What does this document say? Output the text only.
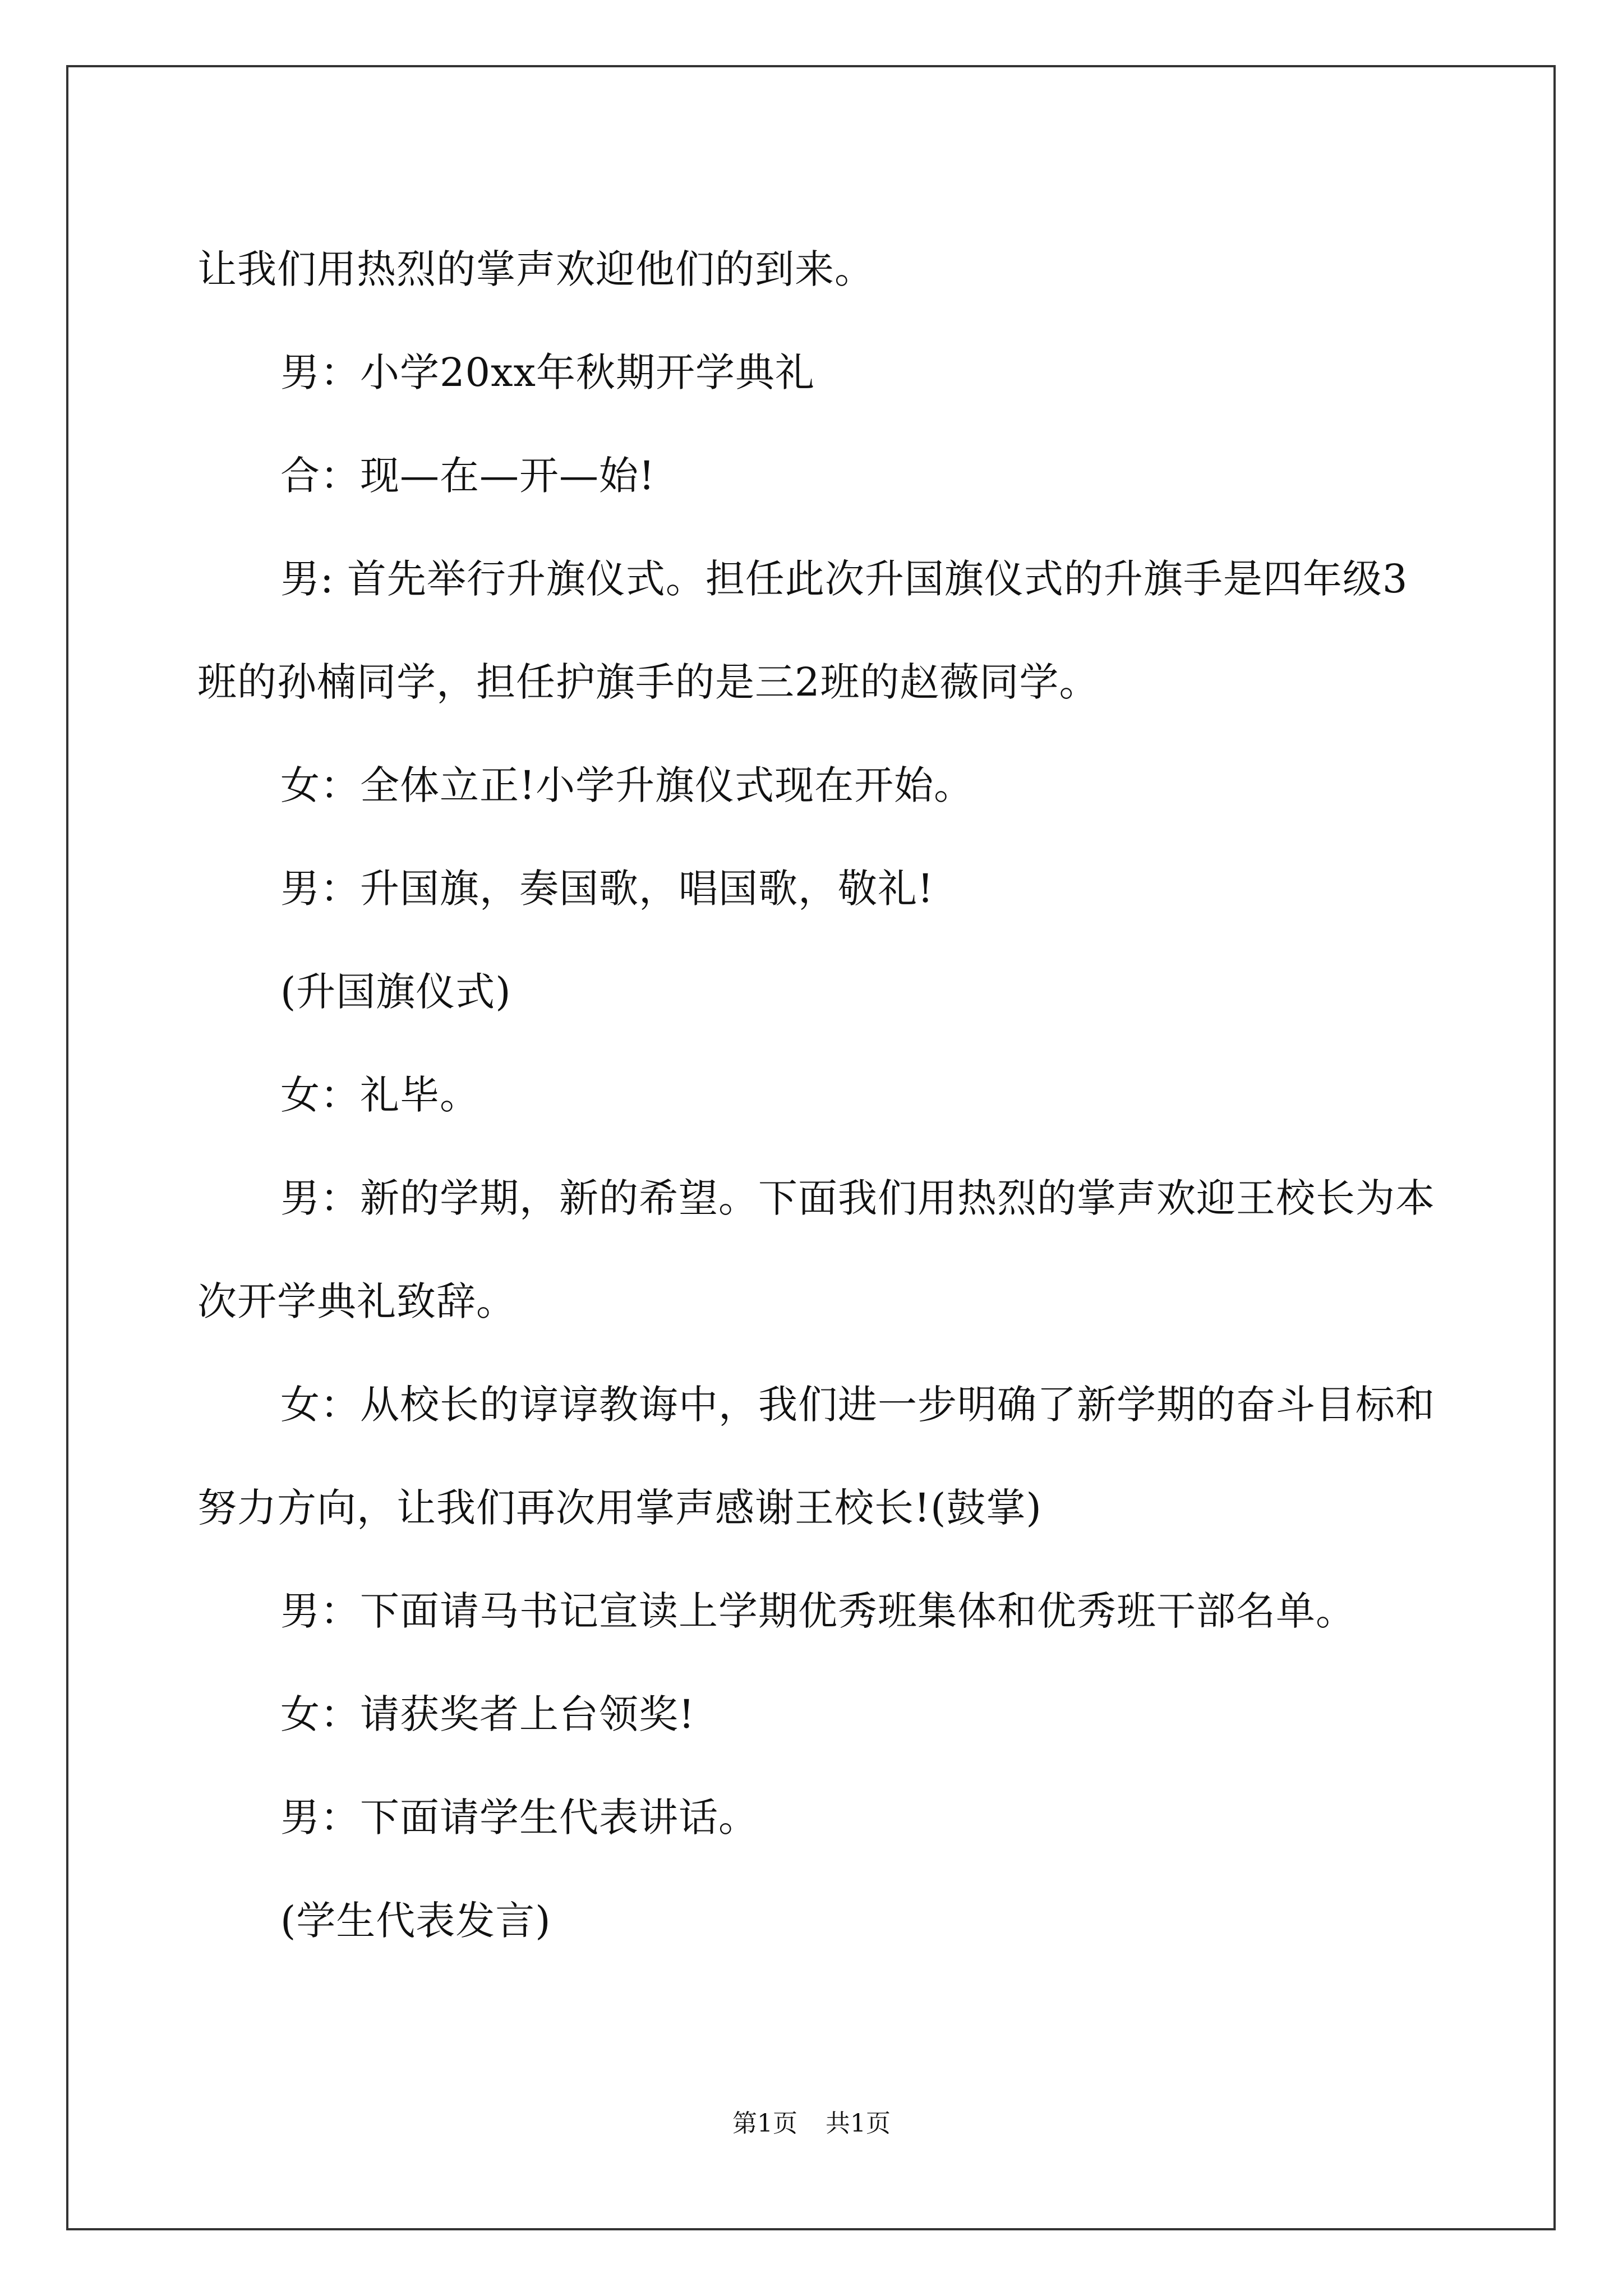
让我们用热烈的掌声欢迎他们的到来。

男：小学20xx年秋期开学典礼

合：现—在—开—始!

男: 首先举行升旗仪式。担任此次升国旗仪式的升旗手是四年级3班的孙楠同学，担任护旗手的是三2班的赵薇同学。

女：全体立正!小学升旗仪式现在开始。

男：升国旗，奏国歌，唱国歌，敬礼!

(升国旗仪式)

女：礼毕。

男：新的学期，新的希望。下面我们用热烈的掌声欢迎王校长为本次开学典礼致辞。

女：从校长的谆谆教诲中，我们进一步明确了新学期的奋斗目标和努力方向，让我们再次用掌声感谢王校长!(鼓掌)

男：下面请马书记宣读上学期优秀班集体和优秀班干部名单。

女：请获奖者上台领奖!

男：下面请学生代表讲话。

(学生代表发言)

第1页 共1页
